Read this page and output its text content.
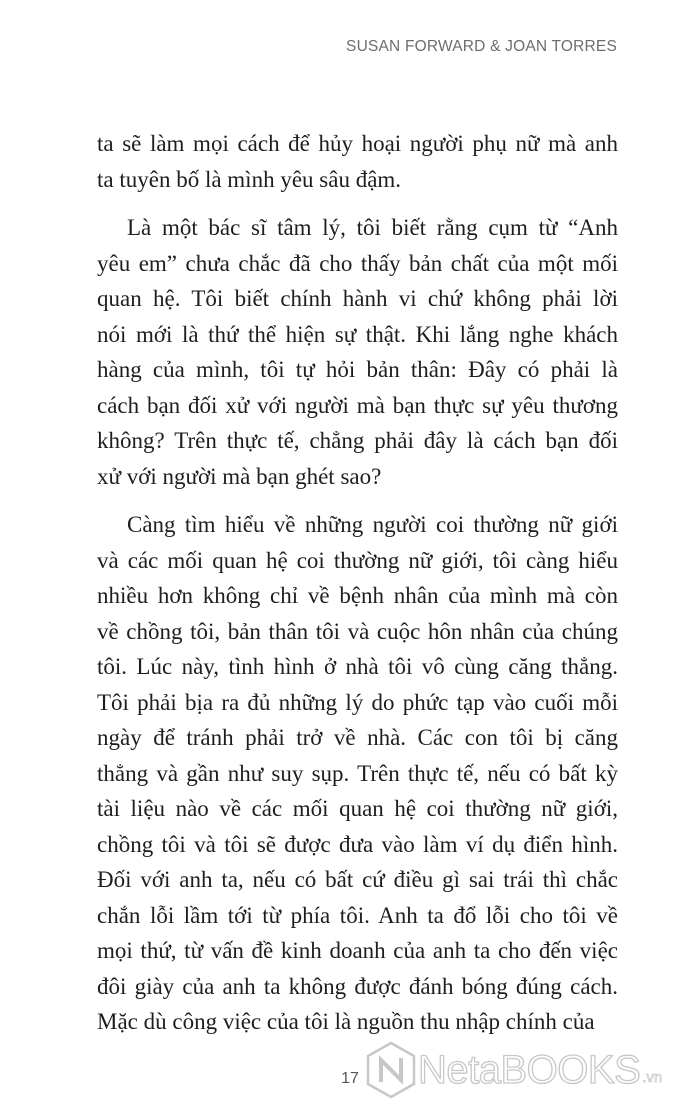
SUSAN FORWARD & JOAN TORRES
ta sẽ làm mọi cách để hủy hoại người phụ nữ mà anh
ta tuyên bố là mình yêu sâu đậm.
Là một bác sĩ tâm lý, tôi biết rằng cụm từ “Anh
yêu em” chưa chắc đã cho thấy bản chất của một mối
quan hệ. Tôi biết chính hành vi chứ không phải lời
nói mới là thứ thể hiện sự thật. Khi lắng nghe khách
hàng của mình, tôi tự hỏi bản thân: Đây có phải là
cách bạn đối xử với người mà bạn thực sự yêu thương
không? Trên thực tế, chẳng phải đây là cách bạn đối
xử với người mà bạn ghét sao?
Càng tìm hiểu về những người coi thường nữ giới
và các mối quan hệ coi thường nữ giới, tôi càng hiểu
nhiều hơn không chỉ về bệnh nhân của mình mà còn
về chồng tôi, bản thân tôi và cuộc hôn nhân của chúng
tôi. Lúc này, tình hình ở nhà tôi vô cùng căng thẳng.
Tôi phải bịa ra đủ những lý do phức tạp vào cuối mỗi
ngày để tránh phải trở về nhà. Các con tôi bị căng
thẳng và gần như suy sụp. Trên thực tế, nếu có bất kỳ
tài liệu nào về các mối quan hệ coi thường nữ giới,
chồng tôi và tôi sẽ được đưa vào làm ví dụ điển hình.
Đối với anh ta, nếu có bất cứ điều gì sai trái thì chắc
chắn lỗi lầm tới từ phía tôi. Anh ta đổ lỗi cho tôi về
mọi thứ, từ vấn đề kinh doanh của anh ta cho đến việc
đôi giày của anh ta không được đánh bóng đúng cách.
Mặc dù công việc của tôi là nguồn thu nhập chính của
17	NetaBOOKS .vn
